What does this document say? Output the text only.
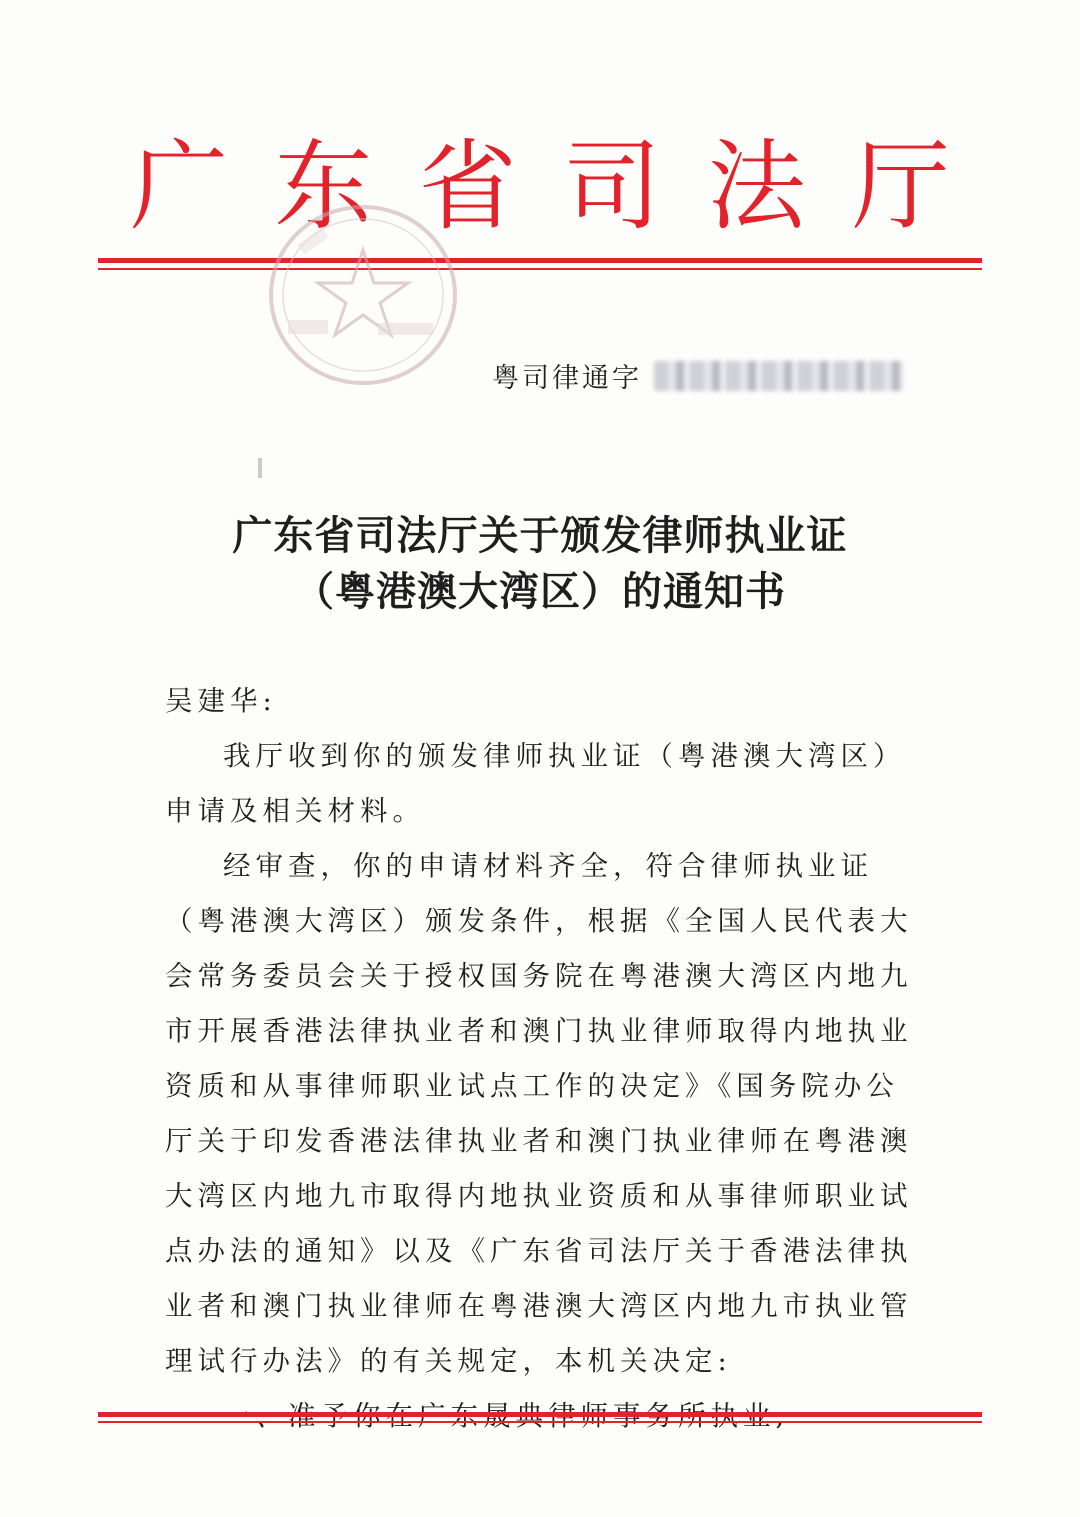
广 东 省 司 法 厅
粤司律通字
广东省司法厅关于颁发律师执业证
（粤港澳大湾区）的通知书

吴建华:

我厅收到你的颁发律师执业证（粤港澳大湾区）申请及相关材料。

经审查，你的申请材料齐全，符合律师执业证（粤港澳大湾区）颁发条件，根据《全国人民代表大会常务委员会关于授权国务院在粤港澳大湾区内地九市开展香港法律执业者和澳门执业律师取得内地执业资质和从事律师职业试点工作的决定》《国务院办公厅关于印发香港法律执业者和澳门执业律师在粤港澳大湾区内地九市取得内地执业资质和从事律师职业试点办法的通知》以及《广东省司法厅关于香港法律执业者和澳门执业律师在粤港澳大湾区内地九市执业管理试行办法》的有关规定，本机关决定:
